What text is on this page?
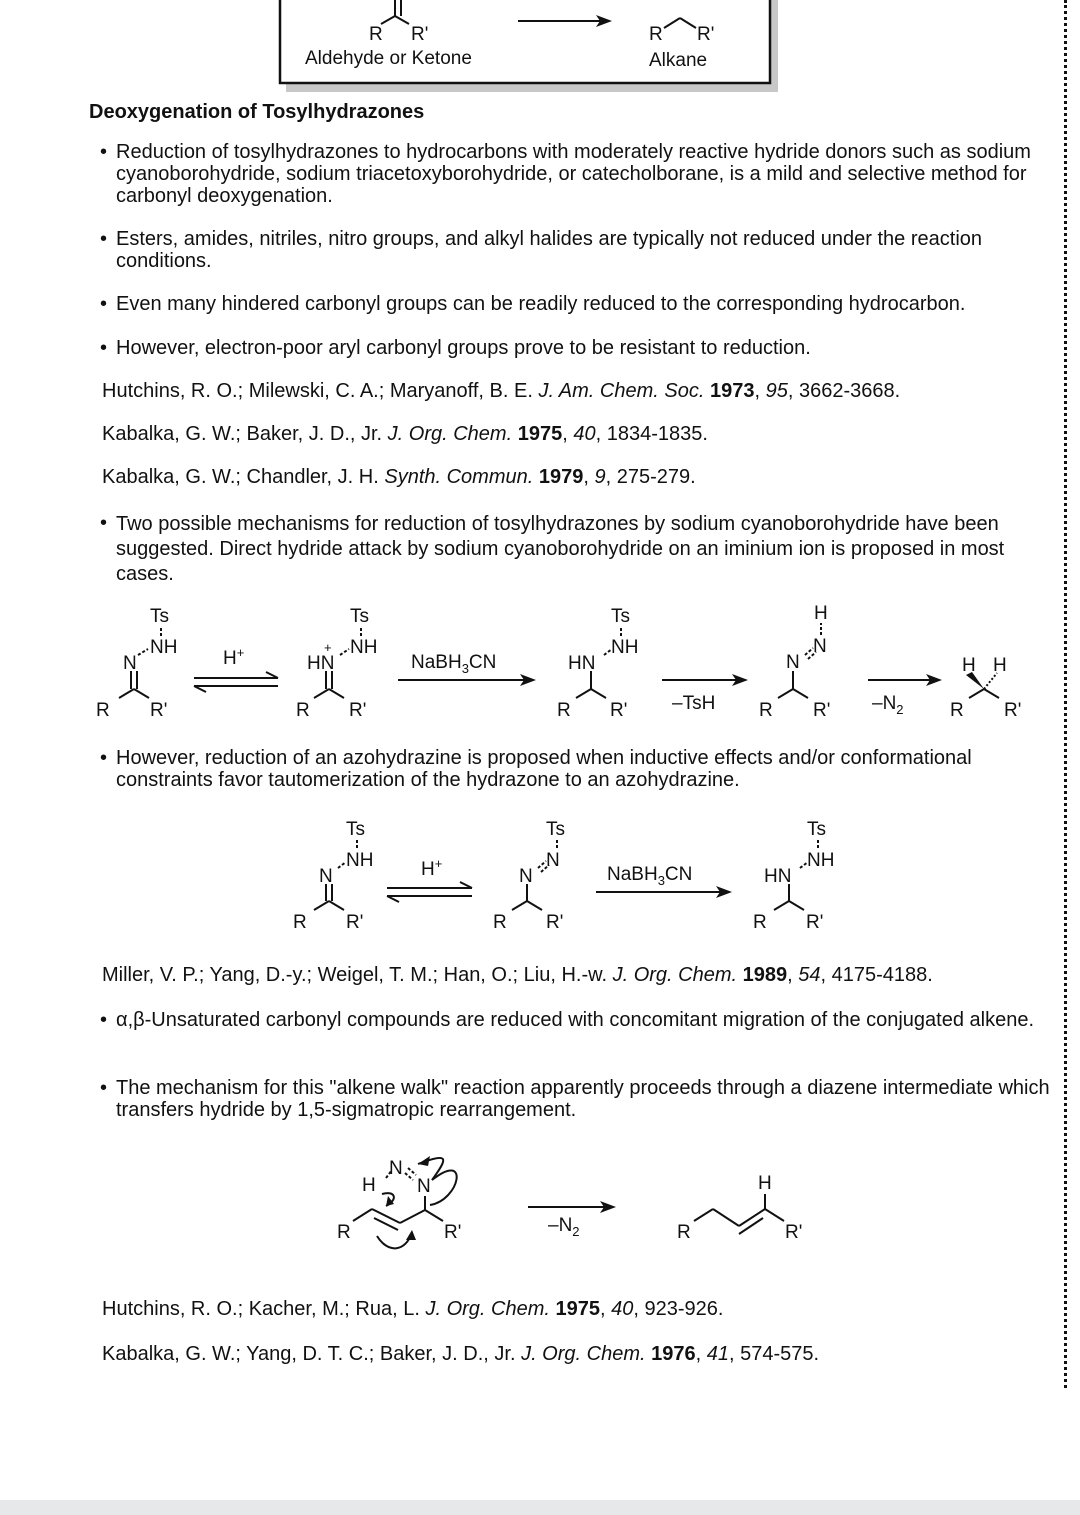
R R'
Aldehyde or Ketone
R R'
Alkane
Deoxygenation of Tosylhydrazones
• Reduction of tosylhydrazones to hydrocarbons with moderately reactive hydride donors such as sodium cyanoborohydride, sodium triacetoxyborohydride, or catecholborane, is a mild and selective method for carbonyl deoxygenation.
• Esters, amides, nitriles, nitro groups, and alkyl halides are typically not reduced under the reaction conditions.
• Even many hindered carbonyl groups can be readily reduced to the corresponding hydrocarbon.
• However, electron-poor aryl carbonyl groups prove to be resistant to reduction.
Hutchins, R. O.; Milewski, C. A.; Maryanoff, B. E. J. Am. Chem. Soc. 1973, 95, 3662-3668.
Kabalka, G. W.; Baker, J. D., Jr. J. Org. Chem. 1975, 40, 1834-1835.
Kabalka, G. W.; Chandler, J. H. Synth. Commun. 1979, 9, 275-279.
• Two possible mechanisms for reduction of tosylhydrazones by sodium cyanoborohydride have been suggested. Direct hydride attack by sodium cyanoborohydride on an iminium ion is proposed in most cases.
Ts
NH
N
R R'
H+
Ts
NH
+
HN
R R'
NaBH$_3$CN
Ts
NH
HN
R R' –TsH
H
N
N
R R' $-N_2$
H H
R R'
• However, reduction of an azohydrazine is proposed when inductive effects and/or conformational constraints favor tautomerization of the hydrazone to an azohydrazine.
Ts
NH
N
R R'
H+
Ts
N
N
R R'
NaBH$_3$CN
Ts
NH
HN
R R'
Miller, V. P.; Yang, D.-y.; Weigel, T. M.; Han, O.; Liu, H.-w. J. Org. Chem. 1989, 54, 4175-4188.
• α,β-Unsaturated carbonyl compounds are reduced with concomitant migration of the conjugated alkene.
• The mechanism for this "alkene walk" reaction apparently proceeds through a diazene intermediate which transfers hydride by 1,5-sigmatropic rearrangement.
H
N
N
R	R'	$-N_2$
H
R	R'
Hutchins, R. O.; Kacher, M.; Rua, L. J. Org. Chem. 1975, 40, 923-926.
Kabalka, G. W.; Yang, D. T. C.; Baker, J. D., Jr. J. Org. Chem. 1976, 41, 574-575.
